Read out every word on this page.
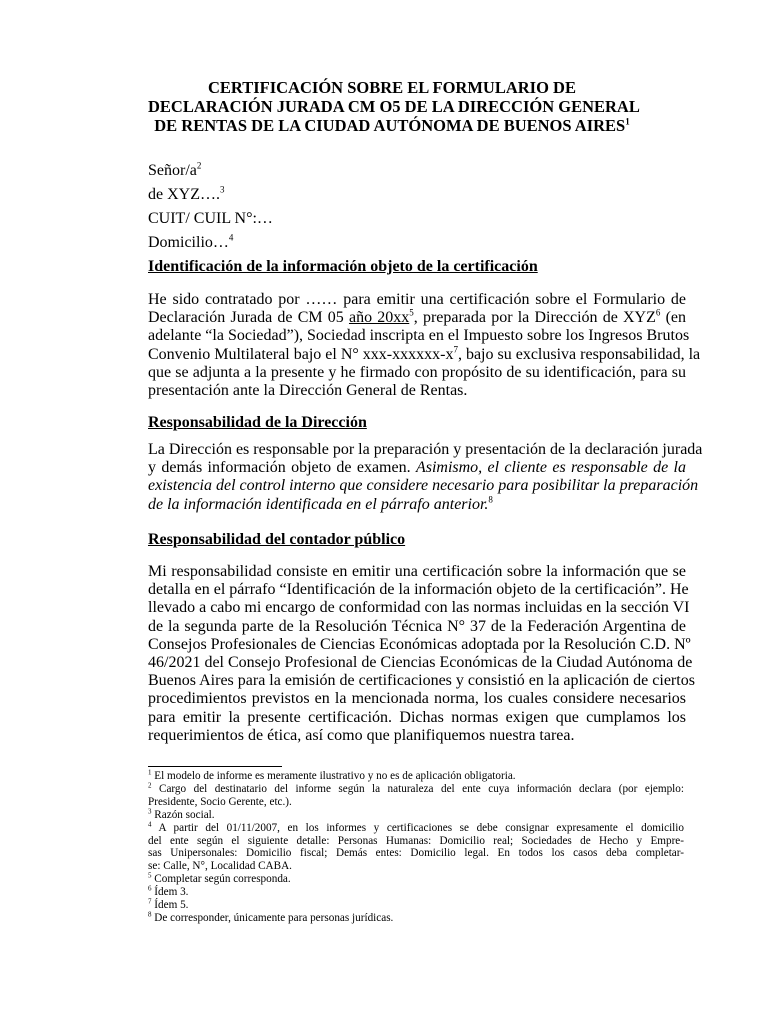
CERTIFICACIÓN SOBRE EL FORMULARIO DE
DECLARACIÓN JURADA CM O5 DE LA DIRECCIÓN GENERAL
DE RENTAS DE LA CIUDAD AUTÓNOMA DE BUENOS AIRES$^1$
Señor/$a^2$
de XYZ….$^3$
CUIT/ CUIL N°:…
Domicilio…$^4$
Identificación de la información objeto de la certificación
He sido contratado por …… para emitir una certificación sobre el Formulario de
Declaración Jurada de CM 05 año $20xx^5$, preparada por la Dirección de XYZ$^6$ (en
adelante “la Sociedad”), Sociedad inscripta en el Impuesto sobre los Ingresos Brutos
Convenio Multilateral bajo el N° xxx-$xxxxxx-x^7$, bajo su exclusiva responsabilidad, la
que se adjunta a la presente y he firmado con propósito de su identificación, para su
presentación ante la Dirección General de Rentas.
Responsabilidad de la Dirección
La Dirección es responsable por la preparación y presentación de la declaración jurada
y demás información objeto de examen. Asimismo, el cliente es responsable de la
existencia del control interno que considere necesario para posibilitar la preparación
de la información identificada en el párrafo anterior.$^8$
Responsabilidad del contador público
Mi responsabilidad consiste en emitir una certificación sobre la información que se
detalla en el párrafo “Identificación de la información objeto de la certificación”. He
llevado a cabo mi encargo de conformidad con las normas incluidas en la sección VI
de la segunda parte de la Resolución Técnica N° 37 de la Federación Argentina de
Consejos Profesionales de Ciencias Económicas adoptada por la Resolución C.D. Nº
46/2021 del Consejo Profesional de Ciencias Económicas de la Ciudad Autónoma de
Buenos Aires para la emisión de certificaciones y consistió en la aplicación de ciertos
procedimientos previstos en la mencionada norma, los cuales considere necesarios
para emitir la presente certificación. Dichas normas exigen que cumplamos los
requerimientos de ética, así como que planifiquemos nuestra tarea.
$^1$ El modelo de informe es meramente ilustrativo y no es de aplicación obligatoria.
$^2$ Cargo del destinatario del informe según la naturaleza del ente cuya información declara (por ejemplo:
Presidente, Socio Gerente, etc.).
$^3$ Razón social.
$^4$ A partir del 01/11/2007, en los informes y certificaciones se debe consignar expresamente el domicilio
del ente según el siguiente detalle: Personas Humanas: Domicilio real; Sociedades de Hecho y Empre-
sas Unipersonales: Domicilio fiscal; Demás entes: Domicilio legal. En todos los casos deba completar-
se: Calle, N°, Localidad CABA.
$^5$ Completar según corresponda.
$^6$ Ídem 3.
$^7$ Ídem 5.
$^8$ De corresponder, únicamente para personas jurídicas.
